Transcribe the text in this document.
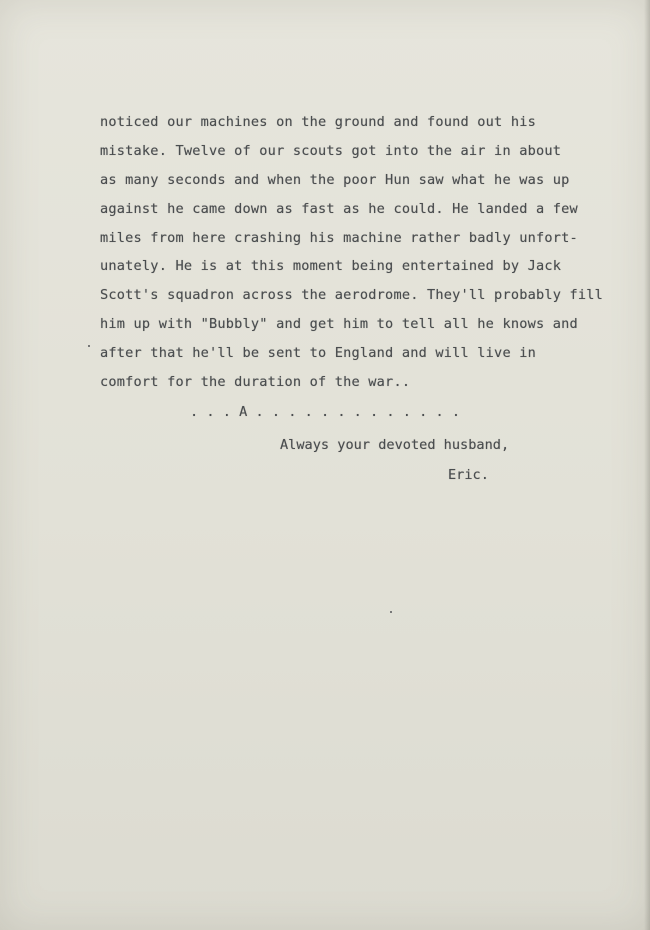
noticed our machines on the ground and found out his
mistake. Twelve of our scouts got into the air in about
as many seconds and when the poor Hun saw what he was up
against he came down as fast as he could. He landed a few
miles from here crashing his machine rather badly unfort-
unately. He is at this moment being entertained by Jack
Scott's squadron across the aerodrome. They'll probably fill
him up with "Bubbly" and get him to tell all he knows and
after that he'll be sent to England and will live in
comfort for the duration of the war..
. . . A . . . . . . . . . . . . .
Always your devoted husband,
Eric.
